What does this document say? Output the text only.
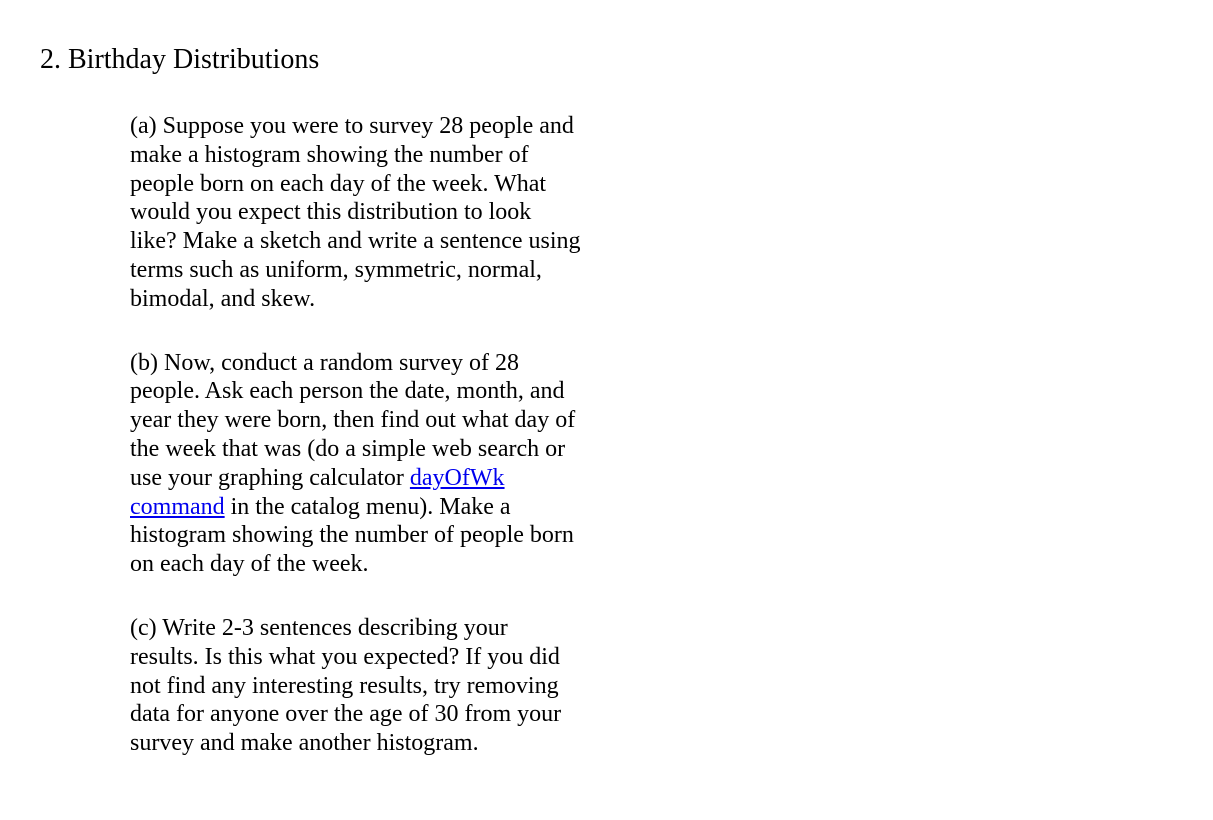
2. Birthday Distributions

(a) Suppose you were to survey 28 people and
make a histogram showing the number of
people born on each day of the week. What
would you expect this distribution to look
like? Make a sketch and write a sentence using
terms such as uniform, symmetric, normal,
bimodal, and skew.

(b) Now, conduct a random survey of 28
people. Ask each person the date, month, and
year they were born, then find out what day of
the week that was (do a simple web search or
use your graphing calculator dayOfWk
command in the catalog menu). Make a
histogram showing the number of people born
on each day of the week.

(c) Write 2-3 sentences describing your
results. Is this what you expected? If you did
not find any interesting results, try removing
data for anyone over the age of 30 from your
survey and make another histogram.
